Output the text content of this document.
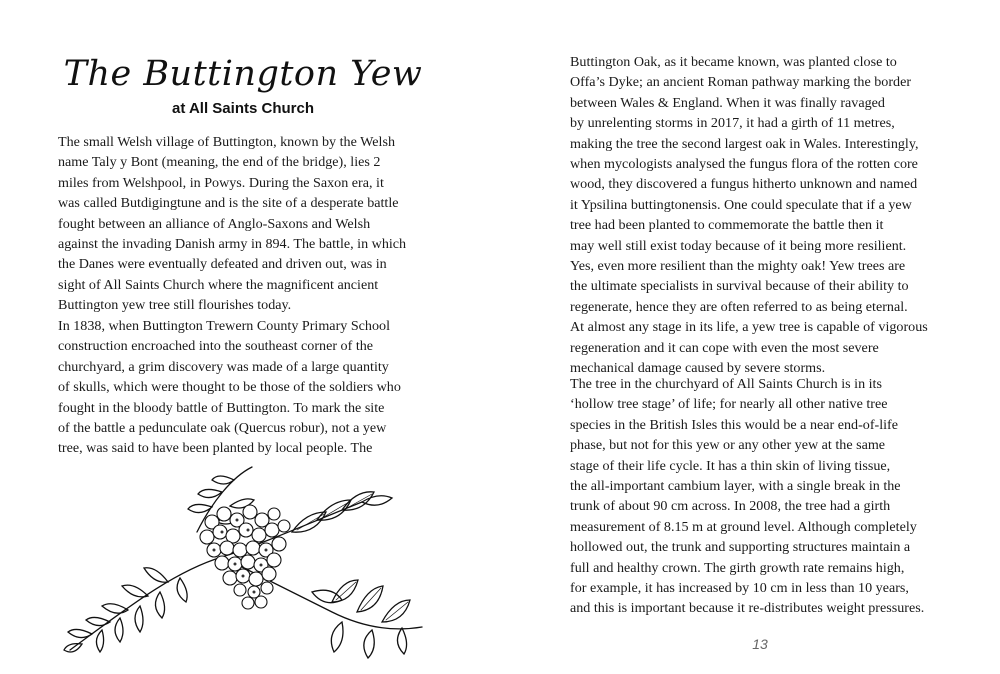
The Buttington Yew
at All Saints Church

The small Welsh village of Buttington, known by the Welsh
name Taly y Bont (meaning, the end of the bridge), lies 2
miles from Welshpool, in Powys. During the Saxon era, it
was called Butdigingtune and is the site of a desperate battle
fought between an alliance of Anglo-Saxons and Welsh
against the invading Danish army in 894. The battle, in which
the Danes were eventually defeated and driven out, was in
sight of All Saints Church where the magnificent ancient
Buttington yew tree still flourishes today.

In 1838, when Buttington Trewern County Primary School
construction encroached into the southeast corner of the
churchyard, a grim discovery was made of a large quantity
of skulls, which were thought to be those of the soldiers who
fought in the bloody battle of Buttington. To mark the site
of the battle a pedunculate oak (Quercus robur), not a yew
tree, was said to have been planted by local people. The

Buttington Oak, as it became known, was planted close to
Offa’s Dyke; an ancient Roman pathway marking the border
between Wales & England. When it was finally ravaged
by unrelenting storms in 2017, it had a girth of 11 metres,
making the tree the second largest oak in Wales. Interestingly,
when mycologists analysed the fungus flora of the rotten core
wood, they discovered a fungus hitherto unknown and named
it Ypsilina buttingtonensis. One could speculate that if a yew
tree had been planted to commemorate the battle then it
may well still exist today because of it being more resilient.
Yes, even more resilient than the mighty oak! Yew trees are
the ultimate specialists in survival because of their ability to
regenerate, hence they are often referred to as being eternal.
At almost any stage in its life, a yew tree is capable of vigorous
regeneration and it can cope with even the most severe
mechanical damage caused by severe storms.

The tree in the churchyard of All Saints Church is in its
‘hollow tree stage’ of life; for nearly all other native tree
species in the British Isles this would be a near end-of-life
phase, but not for this yew or any other yew at the same
stage of their life cycle. It has a thin skin of living tissue,
the all-important cambium layer, with a single break in the
trunk of about 90 cm across. In 2008, the tree had a girth
measurement of 8.15 m at ground level. Although completely
hollowed out, the trunk and supporting structures maintain a
full and healthy crown. The girth growth rate remains high,
for example, it has increased by 10 cm in less than 10 years,
and this is important because it re-distributes weight pressures.

13
